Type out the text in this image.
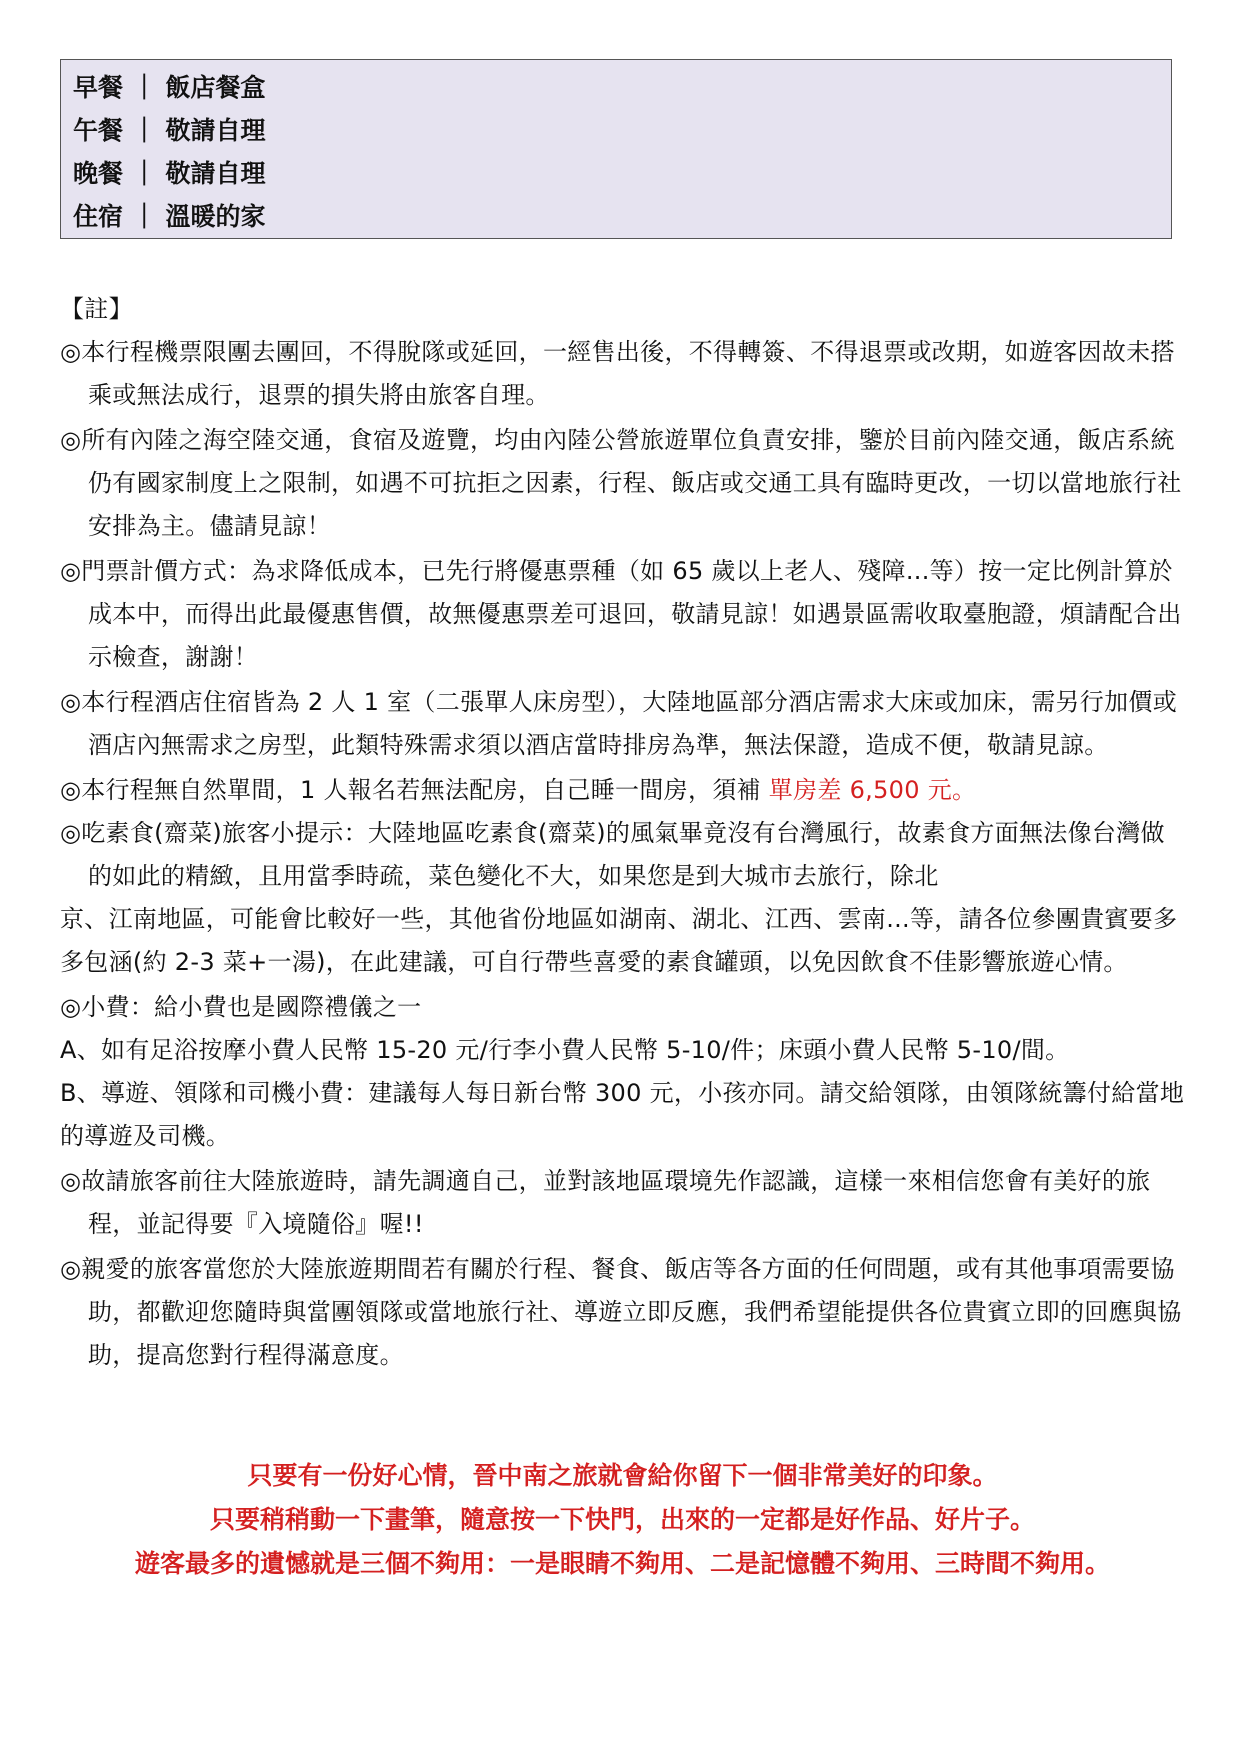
早餐 ｜ 飯店餐盒
午餐 ｜ 敬請自理
晚餐 ｜ 敬請自理
住宿 ｜ 溫暖的家

【註】

◎本行程機票限團去團回，不得脫隊或延回，一經售出後，不得轉簽、不得退票或改期，如遊客因故未搭乘或無法成行，退票的損失將由旅客自理。

◎所有內陸之海空陸交通，食宿及遊覽，均由內陸公營旅遊單位負責安排，鑒於目前內陸交通，飯店系統仍有國家制度上之限制，如遇不可抗拒之因素，行程、飯店或交通工具有臨時更改，一切以當地旅行社安排為主。儘請見諒！

◎門票計價方式：為求降低成本，已先行將優惠票種（如 65 歲以上老人、殘障...等）按一定比例計算於成本中，而得出此最優惠售價，故無優惠票差可退回，敬請見諒！如遇景區需收取臺胞證，煩請配合出示檢查，謝謝！

◎本行程酒店住宿皆為 2 人 1 室（二張單人床房型），大陸地區部分酒店需求大床或加床，需另行加價或酒店內無需求之房型，此類特殊需求須以酒店當時排房為準，無法保證，造成不便，敬請見諒。

◎本行程無自然單間，1 人報名若無法配房，自己睡一間房，須補 單房差 6,500 元。

◎吃素食(齋菜)旅客小提示：大陸地區吃素食(齋菜)的風氣畢竟沒有台灣風行，故素食方面無法像台灣做的如此的精緻，且用當季時疏，菜色變化不大，如果您是到大城市去旅行，除北

京、江南地區，可能會比較好一些，其他省份地區如湖南、湖北、江西、雲南...等，請各位參團貴賓要多多包涵(約 2-3 菜+一湯)，在此建議，可自行帶些喜愛的素食罐頭，以免因飲食不佳影響旅遊心情。

◎小費：給小費也是國際禮儀之一

A、如有足浴按摩小費人民幣 15-20 元/行李小費人民幣 5-10/件；床頭小費人民幣 5-10/間。

B、導遊、領隊和司機小費：建議每人每日新台幣 300 元，小孩亦同。請交給領隊，由領隊統籌付給當地的導遊及司機。

◎故請旅客前往大陸旅遊時，請先調適自己，並對該地區環境先作認識，這樣一來相信您會有美好的旅程，並記得要『入境隨俗』喔!!

◎親愛的旅客當您於大陸旅遊期間若有關於行程、餐食、飯店等各方面的任何問題，或有其他事項需要協助，都歡迎您隨時與當團領隊或當地旅行社、導遊立即反應，我們希望能提供各位貴賓立即的回應與協助，提高您對行程得滿意度。

只要有一份好心情，晉中南之旅就會給你留下一個非常美好的印象。
只要稍稍動一下畫筆，隨意按一下快門，出來的一定都是好作品、好片子。
遊客最多的遺憾就是三個不夠用：一是眼睛不夠用、二是記憶體不夠用、三時間不夠用。
